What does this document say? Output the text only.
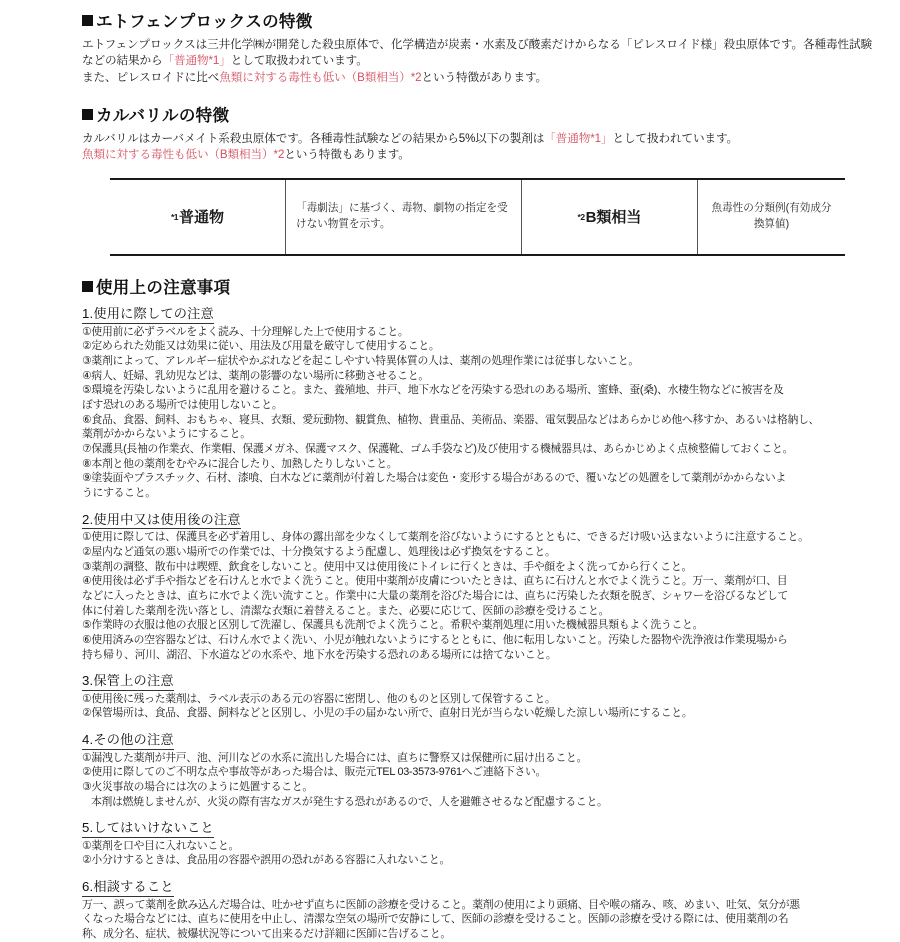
エトフェンプロックスの特徴

エトフェンプロックスは三井化学㈱が開発した殺虫原体で、化学構造が炭素・水素及び酸素だけからなる「ピレスロイド様」殺虫原体です。各種毒性試験などの結果から「普通物*1」として取扱われています。

また、ピレスロイドに比べ魚類に対する毒性も低い（B類相当）*2という特徴があります。

カルバリルの特徴

カルバリルはカーバメイト系殺虫原体です。各種毒性試験などの結果から5%以下の製剤は「普通物*1」として扱われています。

魚類に対する毒性も低い（B類相当）*2という特徴もあります。

$^{*1}$普通物	「毒劇法」に基づく、毒物、劇物の指定を受けない物質を示す。	$^{*2}$B類相当	魚毒性の分類例(有効成分換算値)
使用上の注意事項
1.使用に際しての注意

①使用前に必ずラベルをよく読み、十分理解した上で使用すること。

②定められた効能又は効果に従い、用法及び用量を厳守して使用すること。

③薬剤によって、アレルギー症状やかぶれなどを起こしやすい特異体質の人は、薬剤の処理作業には従事しないこと。

④病人、妊婦、乳幼児などは、薬剤の影響のない場所に移動させること。

⑤環境を汚染しないように乱用を避けること。また、養殖地、井戸、地下水などを汚染する恐れのある場所、蜜蜂、蚕(桑)、水棲生物などに被害を及

ぼす恐れのある場所では使用しないこと。

⑥食品、食器、飼料、おもちゃ、寝具、衣類、愛玩動物、観賞魚、植物、貴重品、美術品、楽器、電気製品などはあらかじめ他へ移すか、あるいは格納し、

薬剤がかからないようにすること。

⑦保護具(長袖の作業衣、作業帽、保護メガネ、保護マスク、保護靴、ゴム手袋など)及び使用する機械器具は、あらかじめよく点検整備しておくこと。

⑧本剤と他の薬剤をむやみに混合したり、加熱したりしないこと。

⑨塗装面やプラスチック、石材、漆喰、白木などに薬剤が付着した場合は変色・変形する場合があるので、覆いなどの処置をして薬剤がかからないよ

うにすること。

2.使用中又は使用後の注意

①使用に際しては、保護具を必ず着用し、身体の露出部を少なくして薬剤を浴びないようにするとともに、できるだけ吸い込まないように注意すること。

②屋内など通気の悪い場所での作業では、十分換気するよう配慮し、処理後は必ず換気をすること。

③薬剤の調整、散布中は喫煙、飲食をしないこと。使用中又は使用後にトイレに行くときは、手や顔をよく洗ってから行くこと。

④使用後は必ず手や指などを石けんと水でよく洗うこと。使用中薬剤が皮膚についたときは、直ちに石けんと水でよく洗うこと。万一、薬剤が口、目

などに入ったときは、直ちに水でよく洗い流すこと。作業中に大量の薬剤を浴びた場合には、直ちに汚染した衣類を脱ぎ、シャワーを浴びるなどして

体に付着した薬剤を洗い落とし、清潔な衣類に着替えること。また、必要に応じて、医師の診療を受けること。

⑤作業時の衣服は他の衣服と区別して洗濯し、保護具も洗剤でよく洗うこと。希釈や薬剤処理に用いた機械器具類もよく洗うこと。

⑥使用済みの空容器などは、石けん水でよく洗い、小児が触れないようにするとともに、他に転用しないこと。汚染した器物や洗浄液は作業現場から

持ち帰り、河川、湖沼、下水道などの水系や、地下水を汚染する恐れのある場所には捨てないこと。

3.保管上の注意

①使用後に残った薬剤は、ラベル表示のある元の容器に密閉し、他のものと区別して保管すること。

②保管場所は、食品、食器、飼料などと区別し、小児の手の届かない所で、直射日光が当らない乾燥した涼しい場所にすること。

4.その他の注意

①漏洩した薬剤が井戸、池、河川などの水系に流出した場合には、直ちに警察又は保健所に届け出ること。

②使用に際してのご不明な点や事故等があった場合は、販売元TEL 03-3573-9761へご連絡下さい。

③火災事故の場合には次のように処置すること。

本剤は燃焼しませんが、火災の際有害なガスが発生する恐れがあるので、人を避難させるなど配慮すること。

5.してはいけないこと

①薬剤を口や目に入れないこと。

②小分けするときは、食品用の容器や誤用の恐れがある容器に入れないこと。

6.相談すること

万一、誤って薬剤を飲み込んだ場合は、吐かせず直ちに医師の診療を受けること。薬剤の使用により頭痛、目や喉の痛み、咳、めまい、吐気、気分が悪

くなった場合などには、直ちに使用を中止し、清潔な空気の場所で安静にして、医師の診療を受けること。医師の診療を受ける際には、使用薬剤の名

称、成分名、症状、被爆状況等について出来るだけ詳細に医師に告げること。
